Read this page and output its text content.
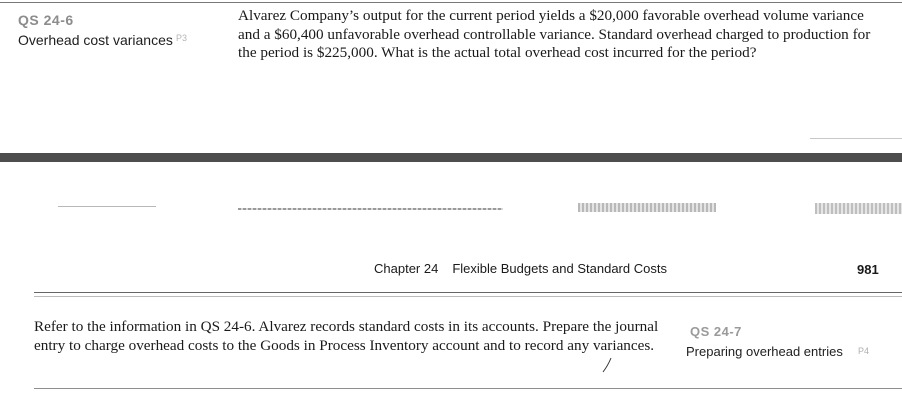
QS 24-6
Overhead cost variances P3
Alvarez Company’s output for the current period yields a $20,000 favorable overhead volume variance and a $60,400 unfavorable overhead controllable variance. Standard overhead charged to production for the period is $225,000. What is the actual total overhead cost incurred for the period?
Chapter 24 Flexible Budgets and Standard Costs	981
Refer to the information in QS 24-6. Alvarez records standard costs in its accounts. Prepare the journal entry to charge overhead costs to the Goods in Process Inventory account and to record any variances.
QS 24-7
Preparing overhead entries P4
